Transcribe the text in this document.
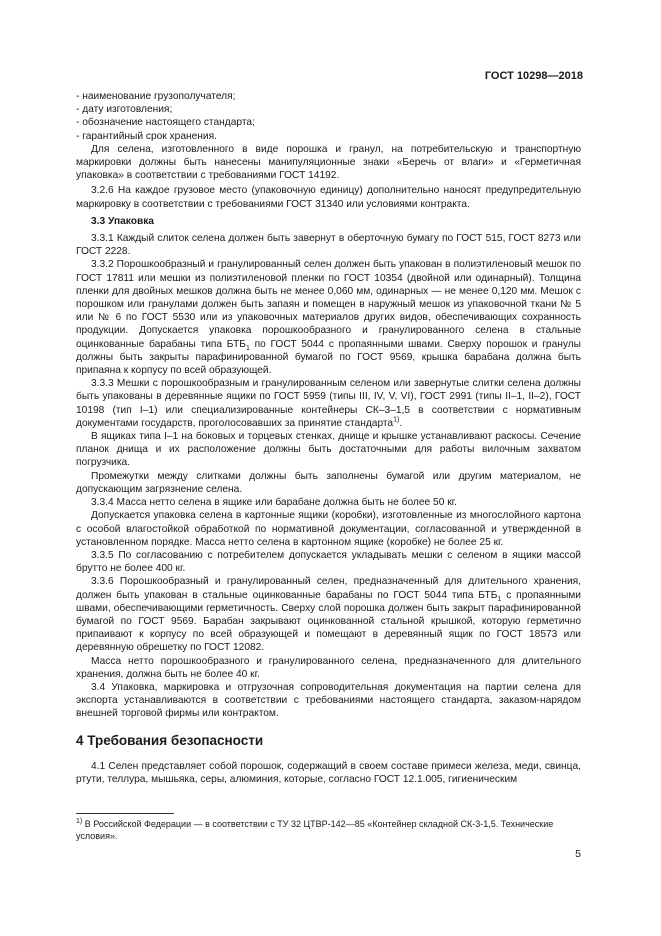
ГОСТ 10298—2018

- наименование грузополучателя;

- дату изготовления;

- обозначение настоящего стандарта;

- гарантийный срок хранения.

Для селена, изготовленного в виде порошка и гранул, на потребительскую и транспортную маркировки должны быть нанесены манипуляционные знаки «Беречь от влаги» и «Герметичная упаковка» в соответствии с требованиями ГОСТ 14192.

3.2.6 На каждое грузовое место (упаковочную единицу) дополнительно наносят предупредительную маркировку в соответствии с требованиями ГОСТ 31340 или условиями контракта.

3.3 Упаковка

3.3.1 Каждый слиток селена должен быть завернут в оберточную бумагу по ГОСТ 515, ГОСТ 8273 или ГОСТ 2228.

3.3.2 Порошкообразный и гранулированный селен должен быть упакован в полиэтиленовый мешок по ГОСТ 17811 или мешки из полиэтиленовой пленки по ГОСТ 10354 (двойной или одинарный). Толщина пленки для двойных мешков должна быть не менее 0,060 мм, одинарных — не менее 0,120 мм. Мешок с порошком или гранулами должен быть запаян и помещен в наружный мешок из упаковочной ткани № 5 или № 6 по ГОСТ 5530 или из упаковочных материалов других видов, обеспечивающих сохранность продукции. Допускается упаковка порошкообразного и гранулированного селена в стальные оцинкованные барабаны типа $БТБ_1$ по ГОСТ 5044 с пропаянными швами. Сверху порошок и гранулы должны быть закрыты парафинированной бумагой по ГОСТ 9569, крышка барабана должна быть припаяна к корпусу по всей образующей.

3.3.3 Мешки с порошкообразным и гранулированным селеном или завернутые слитки селена должны быть упакованы в деревянные ящики по ГОСТ 5959 (типы III, IV, V, VI), ГОСТ 2991 (типы II–1, II–2), ГОСТ 10198 (тип I–1) или специализированные контейнеры СК–3–1,5 в соответствии с нормативным документами государств, проголосовавших за принятие стандарта$^{1)}$.

В ящиках типа I–1 на боковых и торцевых стенках, днище и крышке устанавливают раскосы. Сечение планок днища и их расположение должны быть достаточными для работы вилочным захватом погрузчика.

Промежутки между слитками должны быть заполнены бумагой или другим материалом, не допускающим загрязнение селена.

3.3.4 Масса нетто селена в ящике или барабане должна быть не более 50 кг.

Допускается упаковка селена в картонные ящики (коробки), изготовленные из многослойного картона с особой влагостойкой обработкой по нормативной документации, согласованной и утвержденной в установленном порядке. Масса нетто селена в картонном ящике (коробке) не более 25 кг.

3.3.5 По согласованию с потребителем допускается укладывать мешки с селеном в ящики массой брутто не более 400 кг.

3.3.6 Порошкообразный и гранулированный селен, предназначенный для длительного хранения, должен быть упакован в стальные оцинкованные барабаны по ГОСТ 5044 типа $БТБ_1$ с пропаянными швами, обеспечивающими герметичность. Сверху слой порошка должен быть закрыт парафинированной бумагой по ГОСТ 9569. Барабан закрывают оцинкованной стальной крышкой, которую герметично припаивают к корпусу по всей образующей и помещают в деревянный ящик по ГОСТ 18573 или деревянную обрешетку по ГОСТ 12082.

Масса нетто порошкообразного и гранулированного селена, предназначенного для длительного хранения, должна быть не более 40 кг.

3.4 Упаковка, маркировка и отгрузочная сопроводительная документация на партии селена для экспорта устанавливаются в соответствии с требованиями настоящего стандарта, заказом-нарядом внешней торговой фирмы или контрактом.

4 Требования безопасности

4.1 Селен представляет собой порошок, содержащий в своем составе примеси железа, меди, свинца, ртути, теллура, мышьяка, серы, алюминия, которые, согласно ГОСТ 12.1.005, гигиеническим

$^{1)}$ В Российской Федерации — в соответствии с ТУ 32 ЦТВР-142—85 «Контейнер складной СК-3-1,5. Технические условия».
5
